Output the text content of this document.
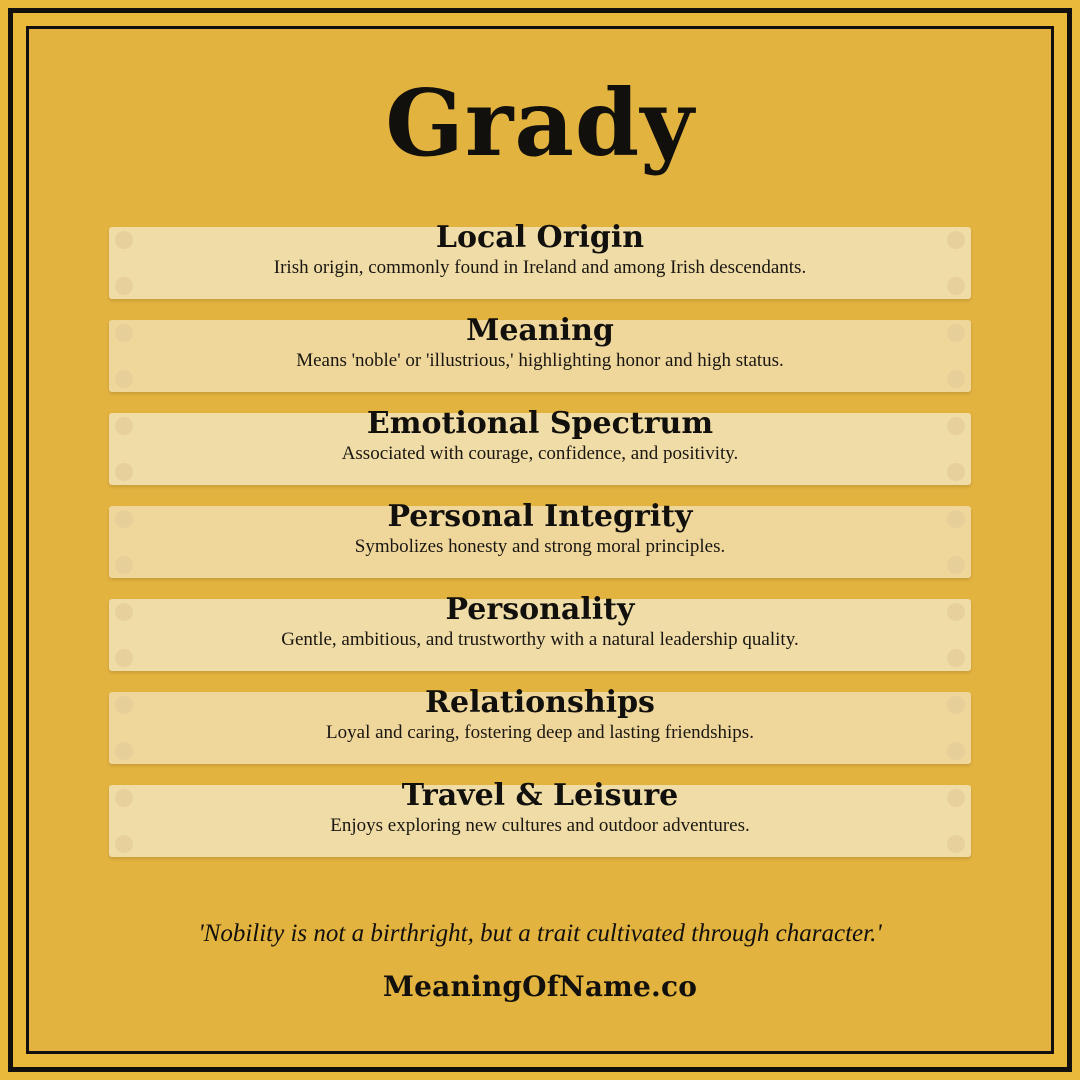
Grady
Local Origin

Irish origin, commonly found in Ireland and among Irish descendants.

Meaning

Means 'noble' or 'illustrious,' highlighting honor and high status.

Emotional Spectrum

Associated with courage, confidence, and positivity.

Personal Integrity

Symbolizes honesty and strong moral principles.

Personality

Gentle, ambitious, and trustworthy with a natural leadership quality.

Relationships

Loyal and caring, fostering deep and lasting friendships.

Travel & Leisure

Enjoys exploring new cultures and outdoor adventures.

'Nobility is not a birthright, but a trait cultivated through character.'
MeaningOfName.co
